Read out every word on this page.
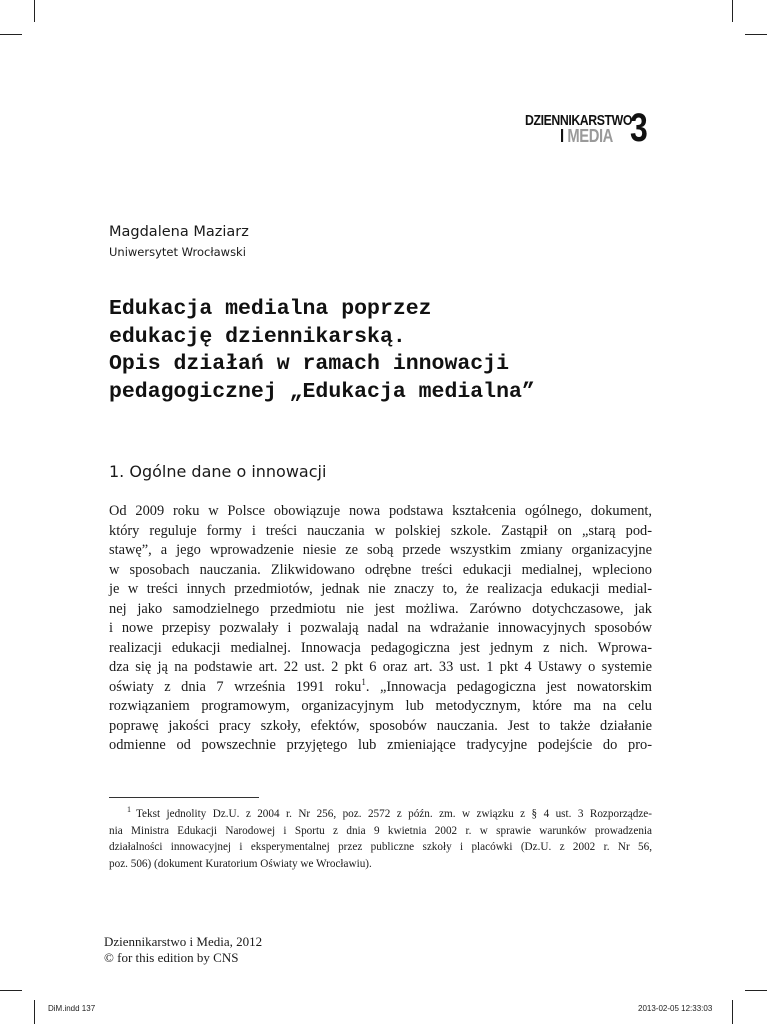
DZIENNIKARSTWO
I MEDIA 3
Magdalena Maziarz
Uniwersytet Wrocławski
Edukacja medialna poprzez
edukację dziennikarską.
Opis działań w ramach innowacji
pedagogicznej „Edukacja medialna”
1. Ogólne dane o innowacji
Od 2009 roku w Polsce obowiązuje nowa podstawa kształcenia ogólnego, dokument,
który reguluje formy i treści nauczania w polskiej szkole. Zastąpił on „starą pod-
stawę”, a jego wprowadzenie niesie ze sobą przede wszystkim zmiany organizacyjne
w sposobach nauczania. Zlikwidowano odrębne treści edukacji medialnej, wpleciono
je w treści innych przedmiotów, jednak nie znaczy to, że realizacja edukacji medial-
nej jako samodzielnego przedmiotu nie jest możliwa. Zarówno dotychczasowe, jak
i nowe przepisy pozwalały i pozwalają nadal na wdrażanie innowacyjnych sposobów
realizacji edukacji medialnej. Innowacja pedagogiczna jest jednym z nich. Wprowa-
dza się ją na podstawie art. 22 ust. 2 pkt 6 oraz art. 33 ust. 1 pkt 4 Ustawy o systemie
oświaty z dnia 7 września 1991 roku$^1$. „Innowacja pedagogiczna jest nowatorskim
rozwiązaniem programowym, organizacyjnym lub metodycznym, które ma na celu
poprawę jakości pracy szkoły, efektów, sposobów nauczania. Jest to także działanie
odmienne od powszechnie przyjętego lub zmieniające tradycyjne podejście do pro-
$^1$ Tekst jednolity Dz.U. z 2004 r. Nr 256, poz. 2572 z późn. zm. w związku z § 4 ust. 3 Rozporządze-
nia Ministra Edukacji Narodowej i Sportu z dnia 9 kwietnia 2002 r. w sprawie warunków prowadzenia
działalności innowacyjnej i eksperymentalnej przez publiczne szkoły i placówki (Dz.U. z 2002 r. Nr 56,
poz. 506) (dokument Kuratorium Oświaty we Wrocławiu).
Dziennikarstwo i Media, 2012
© for this edition by CNS
DiM.indd 137	2013-02-05 12:33:03
